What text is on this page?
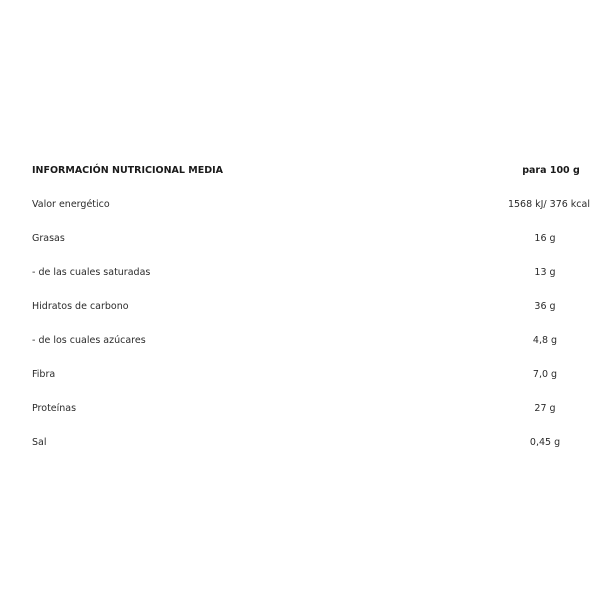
INFORMACIÓN NUTRICIONAL MEDIA	para 100 g
Valor energético	1568 kJ/ 376 kcal
Grasas	16 g
- de las cuales saturadas	13 g
Hidratos de carbono	36 g
- de los cuales azúcares	4,8 g
Fibra	7,0 g
Proteínas	27 g
Sal	0,45 g
